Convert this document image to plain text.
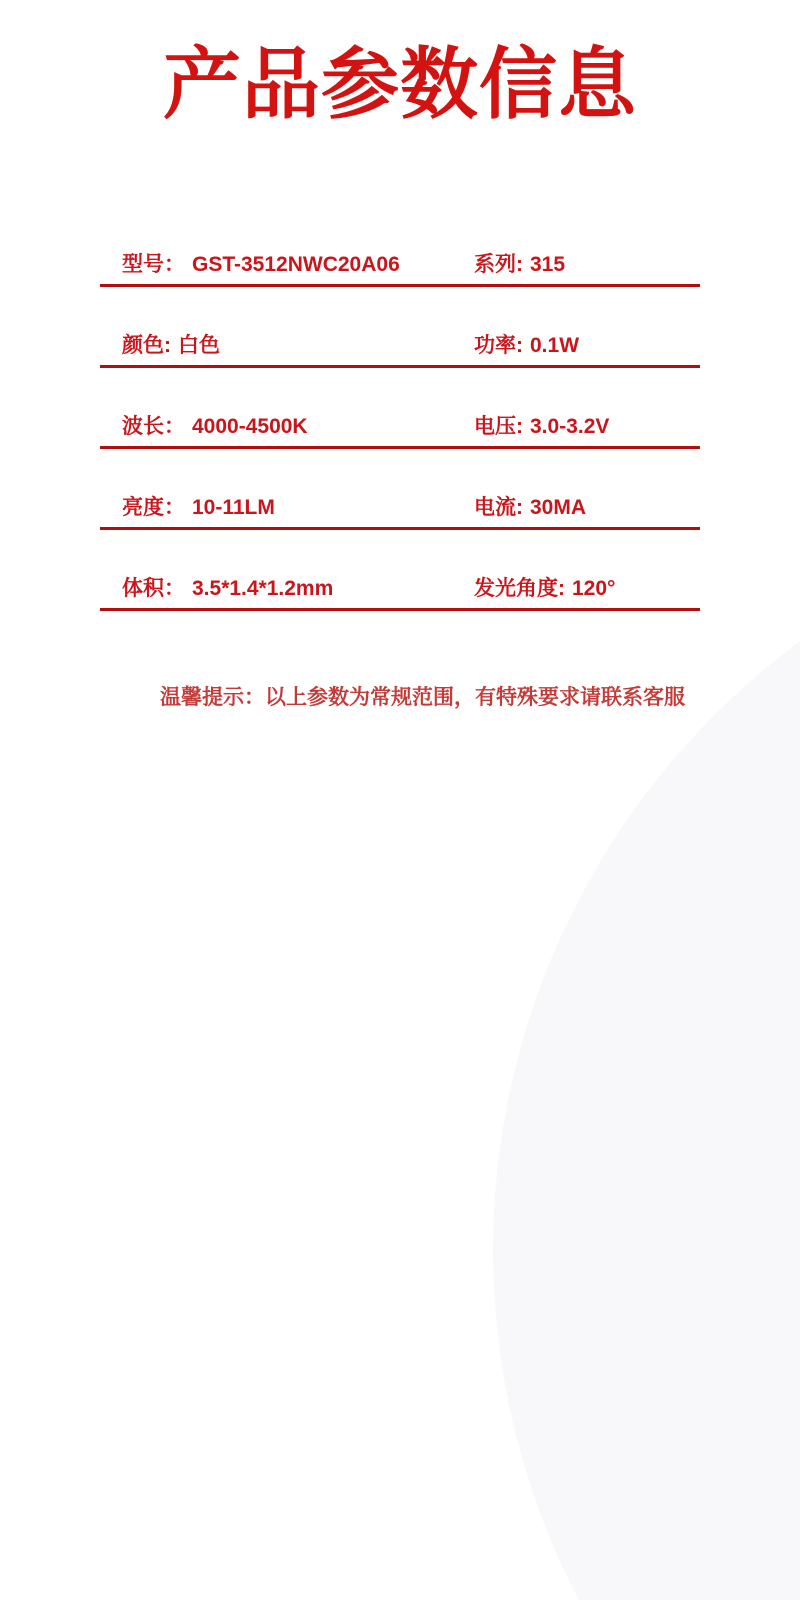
产品参数信息
型号： GST-3512NWC20A06	系列: 315
颜色: 白色	功率: 0.1W
波长： 4000-4500K	电压: 3.0-3.2V
亮度： 10-11LM	电流: 30MA
体积： 3.5*1.4*1.2mm	发光角度: 120°
温馨提示：以上参数为常规范围，有特殊要求请联系客服
